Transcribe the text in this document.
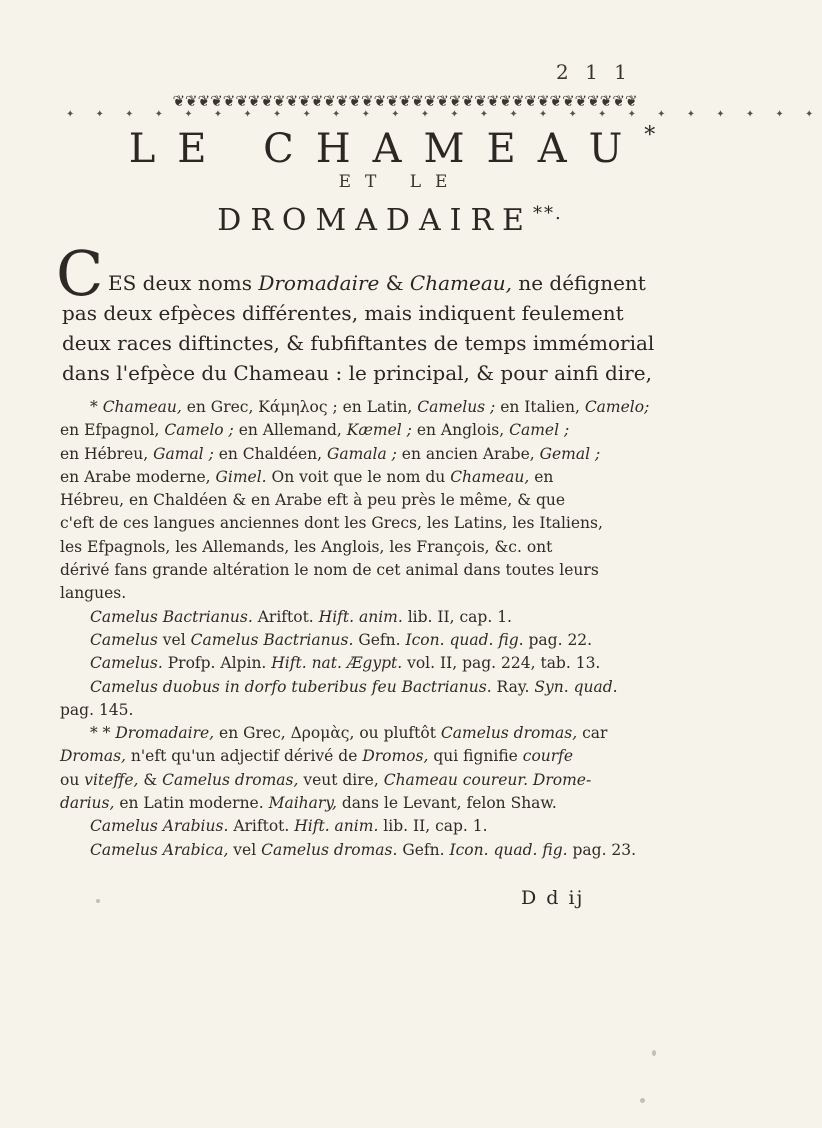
2 1 1
❦❦❦❦❦❦❦❦❦❦❦❦❦❦❦❦❦❦❦❦❦❦❦❦❦❦❦❦❦❦❦❦❦❦❦❦❦
✦ ✦ ✦ ✦ ✦ ✦ ✦ ✦ ✦ ✦ ✦ ✦ ✦ ✦ ✦ ✦ ✦ ✦ ✦ ✦ ✦ ✦ ✦ ✦ ✦ ✦
LE CHAMEAU*
ET LE
DROMADAIRE**.
C ES deux noms Dromadaire & Chameau, ne défignent
pas deux efpèces différentes, mais indiquent feulement
deux races diftinctes, & fubfiftantes de temps immémorial
dans l'efpèce du Chameau : le principal, & pour ainfi dire,
* Chameau, en Grec, Κάμηλος ; en Latin, Camelus ; en Italien, Camelo;
en Efpagnol, Camelo ; en Allemand, Kæmel ; en Anglois, Camel ;
en Hébreu, Gamal ; en Chaldéen, Gamala ; en ancien Arabe, Gemal ;
en Arabe moderne, Gimel. On voit que le nom du Chameau, en
Hébreu, en Chaldéen & en Arabe eft à peu près le même, & que
c'eft de ces langues anciennes dont les Grecs, les Latins, les Italiens,
les Efpagnols, les Allemands, les Anglois, les François, &c. ont
dérivé fans grande altération le nom de cet animal dans toutes leurs
langues.
Camelus Bactrianus. Ariftot. Hift. anim. lib. II, cap. 1.
Camelus vel Camelus Bactrianus. Gefn. Icon. quad. fig. pag. 22.
Camelus. Profp. Alpin. Hift. nat. Ægypt. vol. II, pag. 224, tab. 13.
Camelus duobus in dorfo tuberibus feu Bactrianus. Ray. Syn. quad.
pag. 145.
* * Dromadaire, en Grec, Δρομὰς, ou pluftôt Camelus dromas, car
Dromas, n'eft qu'un adjectif dérivé de Dromos, qui fignifie courfe
ou viteffe, & Camelus dromas, veut dire, Chameau coureur. Drome-
darius, en Latin moderne. Maihary, dans le Levant, felon Shaw.
Camelus Arabius. Ariftot. Hift. anim. lib. II, cap. 1.
Camelus Arabica, vel Camelus dromas. Gefn. Icon. quad. fig. pag. 23.
D d ij
